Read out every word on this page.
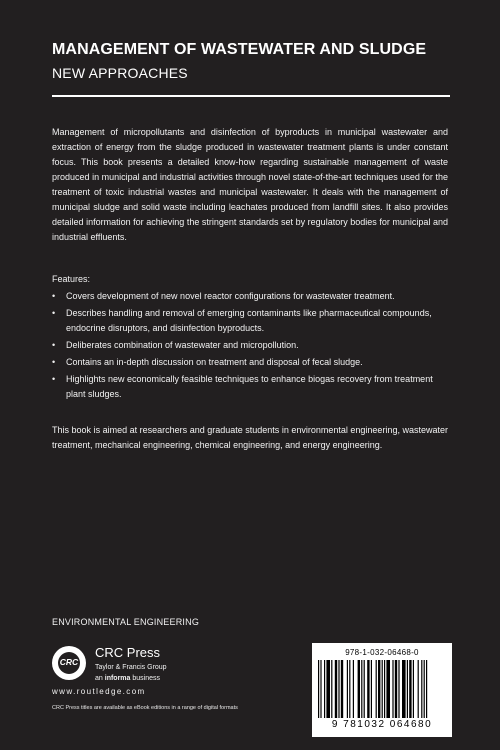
MANAGEMENT OF WASTEWATER AND SLUDGE
NEW APPROACHES
Management of micropollutants and disinfection of byproducts in municipal wastewater and extraction of energy from the sludge produced in wastewater treatment plants is under constant focus. This book presents a detailed know-how regarding sustainable management of waste produced in municipal and industrial activities through novel state-of-the-art techniques used for the treatment of toxic industrial wastes and municipal wastewater. It deals with the management of municipal sludge and solid waste including leachates produced from landfill sites. It also provides detailed information for achieving the stringent standards set by regulatory bodies for municipal and industrial effluents.
Features:
• Covers development of new novel reactor configurations for wastewater treatment.
• Describes handling and removal of emerging contaminants like pharmaceutical compounds, endocrine disruptors, and disinfection byproducts.
• Deliberates combination of wastewater and micropollution.
• Contains an in-depth discussion on treatment and disposal of fecal sludge.
• Highlights new economically feasible techniques to enhance biogas recovery from treatment plant sludges.
This book is aimed at researchers and graduate students in environmental engineering, wastewater treatment, mechanical engineering, chemical engineering, and energy engineering.
ENVIRONMENTAL ENGINEERING
CRC
CRC Press
Taylor & Francis Group
an informa business
www.routledge.com
CRC Press titles are available as eBook editions in a range of digital formats
978-1-032-06468-0
9 781032 064680
